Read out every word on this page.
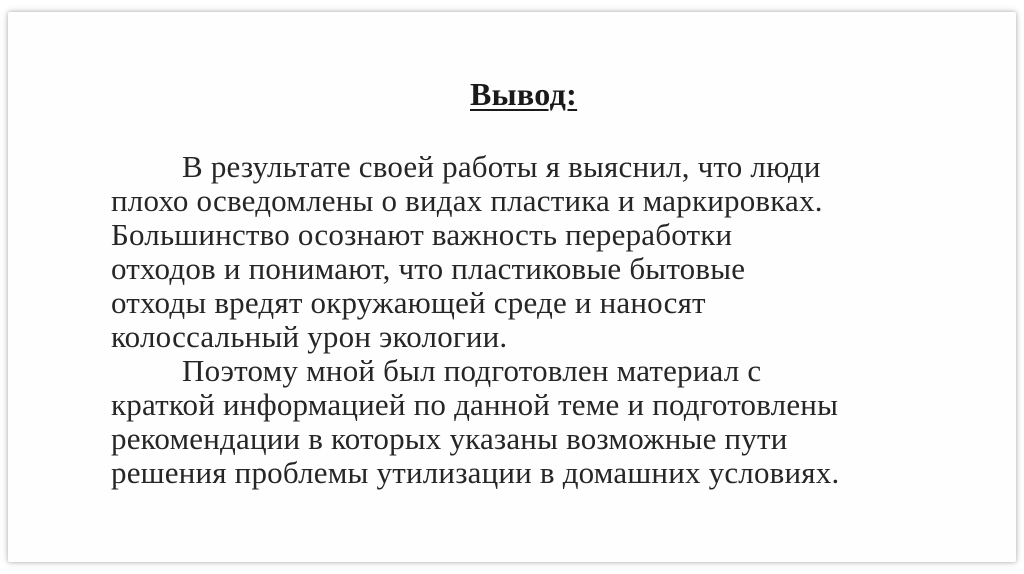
Вывод:

В результате своей работы я выяснил, что люди
плохо осведомлены о видах пластика и маркировках.
Большинство осознают важность переработки
отходов и понимают, что пластиковые бытовые
отходы вредят окружающей среде и наносят
колоссальный урон экологии.

Поэтому мной был подготовлен материал с
краткой информацией по данной теме и подготовлены
рекомендации в которых указаны возможные пути
решения проблемы утилизации в домашних условиях.
